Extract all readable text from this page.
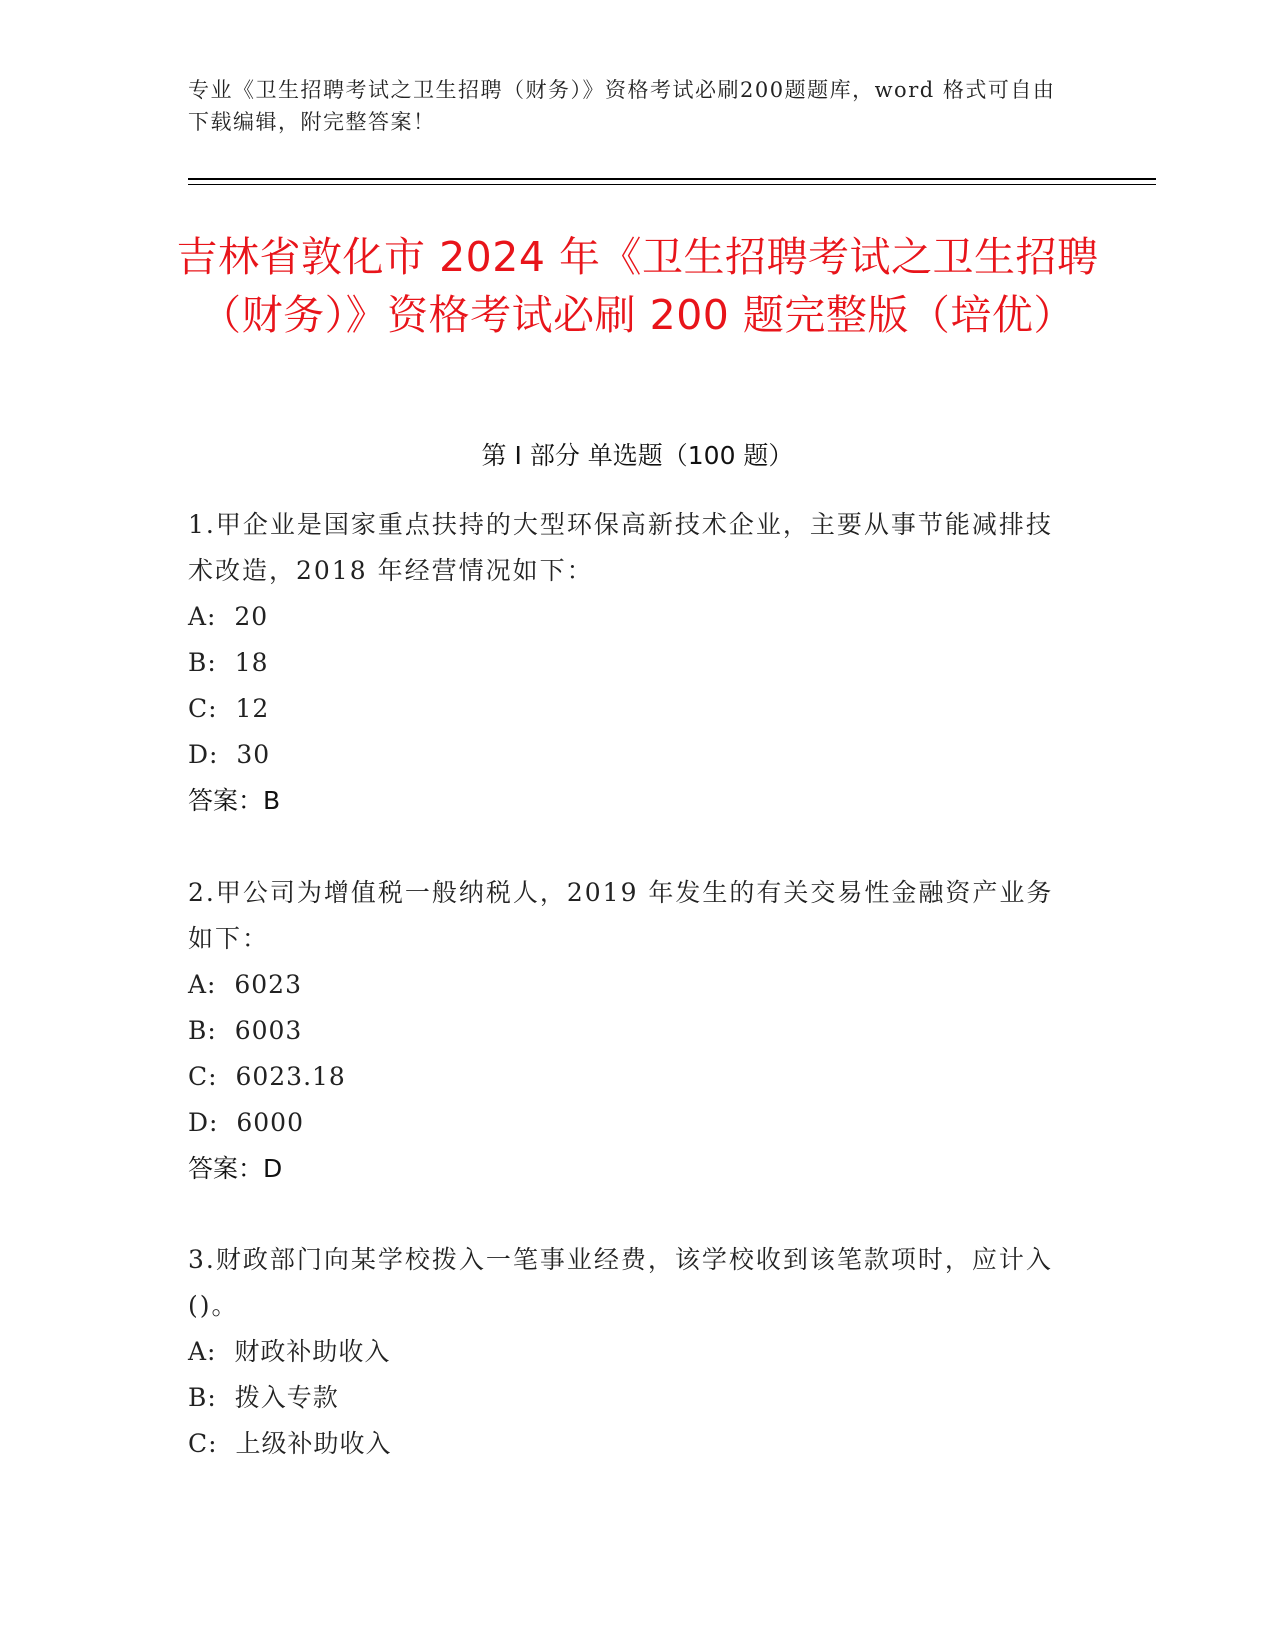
专业《卫生招聘考试之卫生招聘（财务）》资格考试必刷200题题库，word 格式可自由下载编辑，附完整答案！
吉林省敦化市 2024 年《卫生招聘考试之卫生招聘（财务）》资格考试必刷 200 题完整版（培优）
第 I 部分 单选题（100 题）
1.甲企业是国家重点扶持的大型环保高新技术企业，主要从事节能减排技术改造，2018 年经营情况如下：
A:  20
B:  18
C:  12
D:  30
答案：B
2.甲公司为增值税一般纳税人，2019 年发生的有关交易性金融资产业务如下：
A:  6023
B:  6003
C:  6023.18
D:  6000
答案：D
3.财政部门向某学校拨入一笔事业经费，该学校收到该笔款项时，应计入()。
A:  财政补助收入
B:  拨入专款
C:  上级补助收入
